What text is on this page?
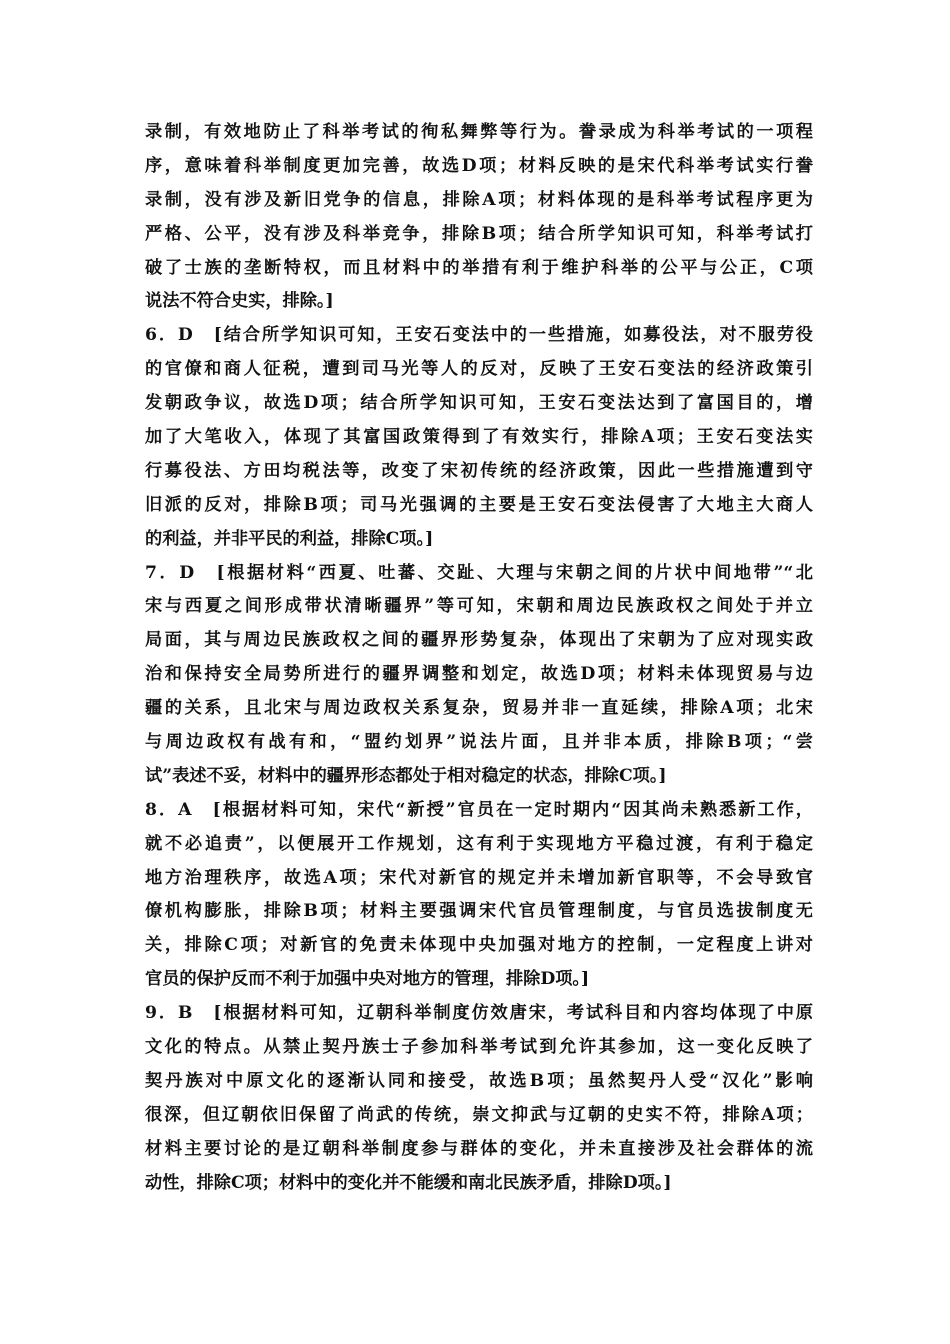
录制，有效地防止了科举考试的徇私舞弊等行为。誊录成为科举考试的一项程
序，意味着科举制度更加完善，故选D项；材料反映的是宋代科举考试实行誊
录制，没有涉及新旧党争的信息，排除A项；材料体现的是科举考试程序更为
严格、公平，没有涉及科举竞争，排除B项；结合所学知识可知，科举考试打
破了士族的垄断特权，而且材料中的举措有利于维护科举的公平与公正，C项
说法不符合史实，排除。]
6．D　[结合所学知识可知，王安石变法中的一些措施，如募役法，对不服劳役
的官僚和商人征税，遭到司马光等人的反对，反映了王安石变法的经济政策引
发朝政争议，故选D项；结合所学知识可知，王安石变法达到了富国目的，增
加了大笔收入，体现了其富国政策得到了有效实行，排除A项；王安石变法实
行募役法、方田均税法等，改变了宋初传统的经济政策，因此一些措施遭到守
旧派的反对，排除B项；司马光强调的主要是王安石变法侵害了大地主大商人
的利益，并非平民的利益，排除C项。]
7．D　[根据材料“西夏、吐蕃、交趾、大理与宋朝之间的片状中间地带”“北
宋与西夏之间形成带状清晰疆界”等可知，宋朝和周边民族政权之间处于并立
局面，其与周边民族政权之间的疆界形势复杂，体现出了宋朝为了应对现实政
治和保持安全局势所进行的疆界调整和划定，故选D项；材料未体现贸易与边
疆的关系，且北宋与周边政权关系复杂，贸易并非一直延续，排除A项；北宋
与周边政权有战有和，“盟约划界”说法片面，且并非本质，排除B项；“尝
试”表述不妥，材料中的疆界形态都处于相对稳定的状态，排除C项。]
8．A　[根据材料可知，宋代“新授”官员在一定时期内“因其尚未熟悉新工作，
就不必追责”，以便展开工作规划，这有利于实现地方平稳过渡，有利于稳定
地方治理秩序，故选A项；宋代对新官的规定并未增加新官职等，不会导致官
僚机构膨胀，排除B项；材料主要强调宋代官员管理制度，与官员选拔制度无
关，排除C项；对新官的免责未体现中央加强对地方的控制，一定程度上讲对
官员的保护反而不利于加强中央对地方的管理，排除D项。]
9．B　[根据材料可知，辽朝科举制度仿效唐宋，考试科目和内容均体现了中原
文化的特点。从禁止契丹族士子参加科举考试到允许其参加，这一变化反映了
契丹族对中原文化的逐渐认同和接受，故选B项；虽然契丹人受“汉化”影响
很深，但辽朝依旧保留了尚武的传统，崇文抑武与辽朝的史实不符，排除A项；
材料主要讨论的是辽朝科举制度参与群体的变化，并未直接涉及社会群体的流
动性，排除C项；材料中的变化并不能缓和南北民族矛盾，排除D项。]
